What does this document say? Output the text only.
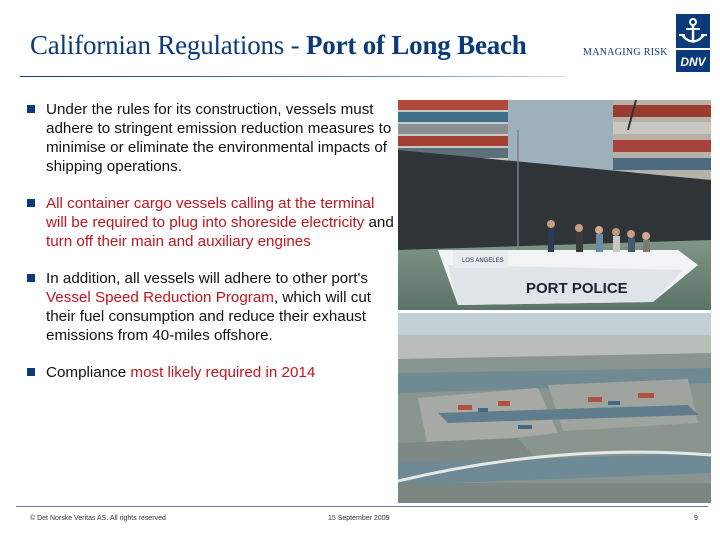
Californian Regulations - Port of Long Beach	MANAGING RISK
DNV
Under the rules for its construction, vessels must adhere to stringent emission reduction measures to minimise or eliminate the environmental impacts of shipping operations.
All container cargo vessels calling at the terminal will be required to plug into shoreside electricity and turn off their main and auxiliary engines
In addition, all vessels will adhere to other port's Vessel Speed Reduction Program, which will cut their fuel consumption and reduce their exhaust emissions from 40-miles offshore.
Compliance most likely required in 2014
LOS ANGELES
PORT POLICE
© Det Norske Veritas AS. All rights reserved	15 September 2009	9
